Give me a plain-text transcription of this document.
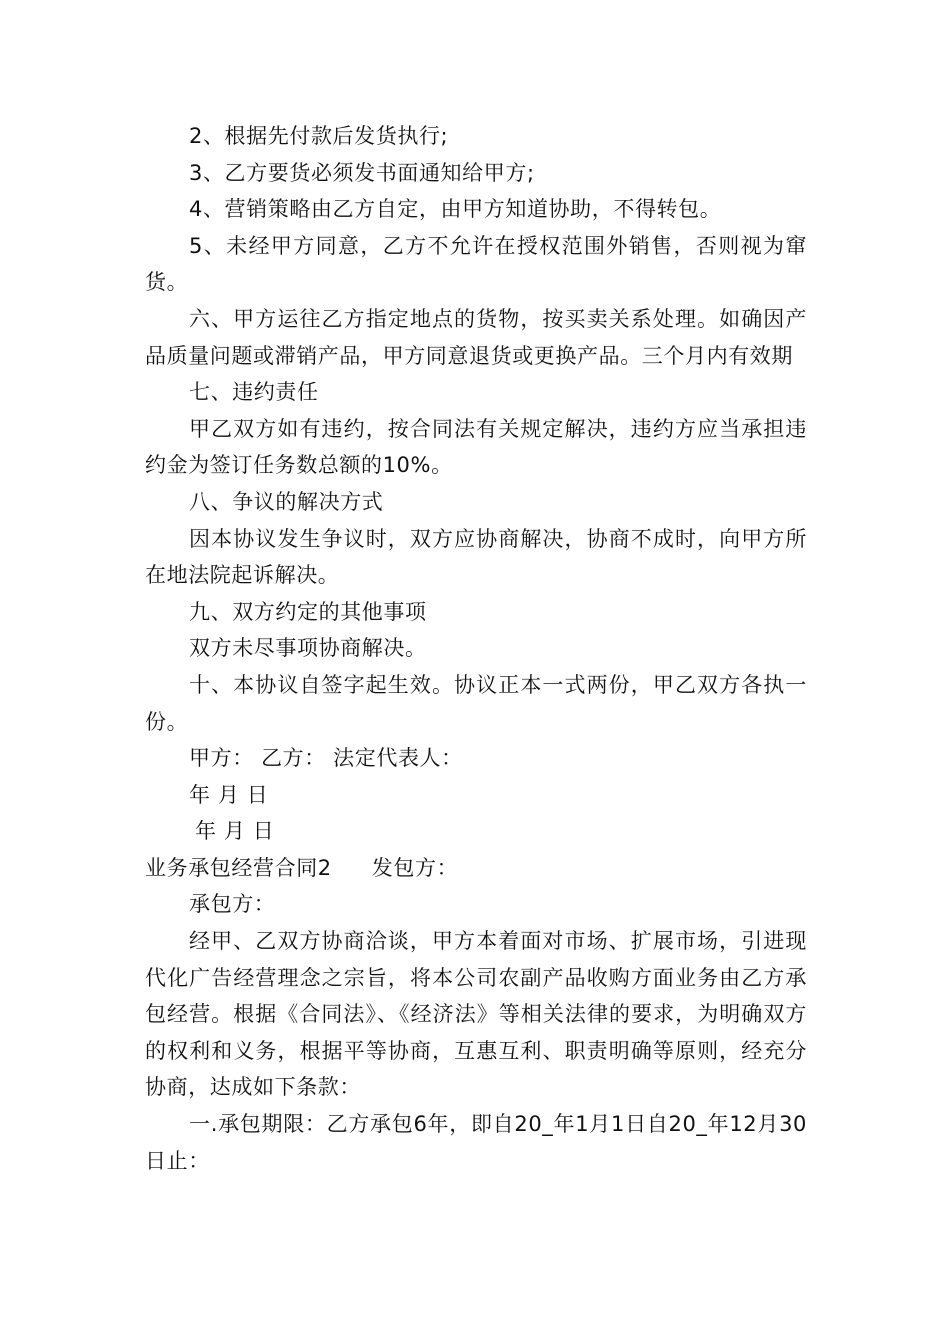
2、根据先付款后发货执行;

3、乙方要货必须发书面通知给甲方;

4、营销策略由乙方自定，由甲方知道协助，不得转包。

5、未经甲方同意，乙方不允许在授权范围外销售，否则视为窜货。

六、甲方运往乙方指定地点的货物，按买卖关系处理。如确因产品质量问题或滞销产品，甲方同意退货或更换产品。三个月内有效期

七、违约责任

甲乙双方如有违约，按合同法有关规定解决，违约方应当承担违约金为签订任务数总额的10%。

八、争议的解决方式

因本协议发生争议时，双方应协商解决，协商不成时，向甲方所在地法院起诉解决。

九、双方约定的其他事项

双方未尽事项协商解决。

十、本协议自签字起生效。协议正本一式两份，甲乙双方各执一份。

甲方： 乙方： 法定代表人：

年 月 日

年 月 日

业务承包经营合同2 发包方：

承包方：

经甲、乙双方协商洽谈，甲方本着面对市场、扩展市场，引进现代化广告经营理念之宗旨，将本公司农副产品收购方面业务由乙方承包经营。根据《合同法》、《经济法》等相关法律的要求，为明确双方的权利和义务，根据平等协商，互惠互利、职责明确等原则，经充分协商，达成如下条款：

一.承包期限：乙方承包6年，即自20_年1月1日自20_年12月30日止：
